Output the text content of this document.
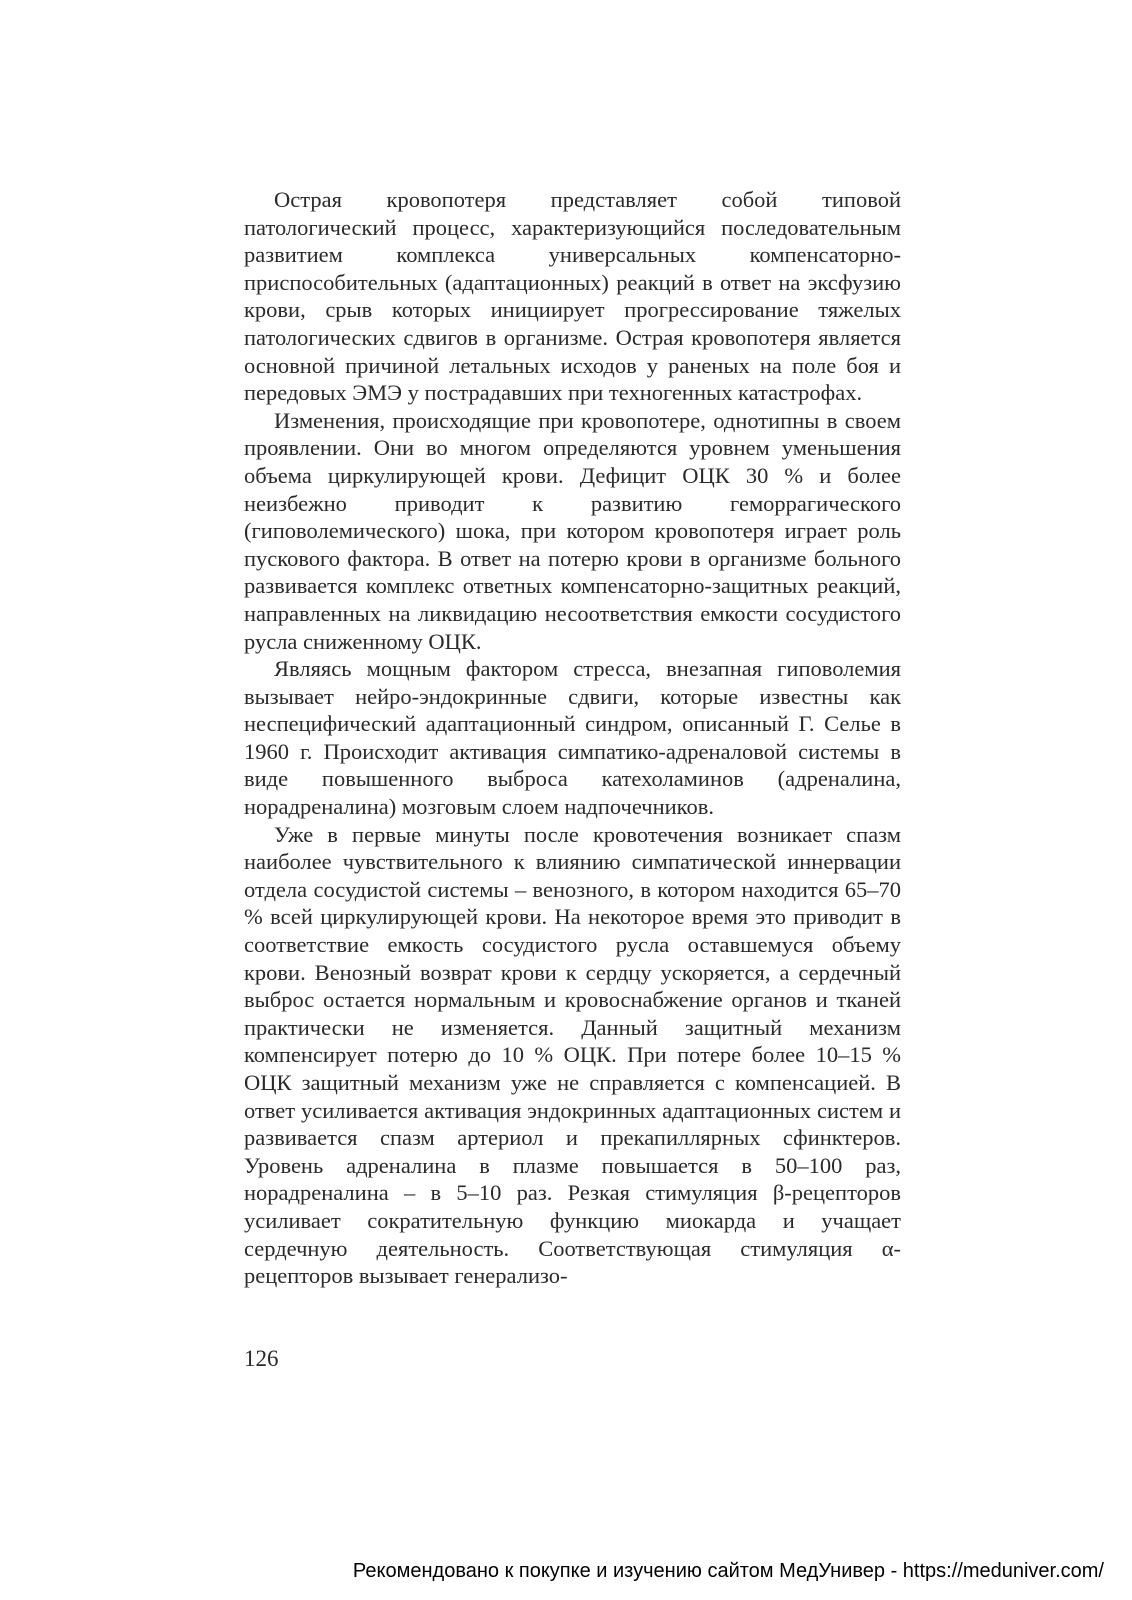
Острая кровопотеря представляет собой типовой патологический процесс, характеризующийся последовательным развитием комплекса универсальных компенсаторно-приспособительных (адаптационных) реакций в ответ на эксфузию крови, срыв которых инициирует прогрессирование тяжелых патологических сдвигов в организме. Острая кровопотеря является основной причиной летальных исходов у раненых на поле боя и передовых ЭМЭ у пострадавших при техногенных катастрофах.

Изменения, происходящие при кровопотере, однотипны в своем проявлении. Они во многом определяются уровнем уменьшения объема циркулирующей крови. Дефицит ОЦК 30 % и более неизбежно приводит к развитию геморрагического (гиповолемического) шока, при котором кровопотеря играет роль пускового фактора. В ответ на потерю крови в организме больного развивается комплекс ответных компенсаторно-защитных реакций, направленных на ликвидацию несоответствия емкости сосудистого русла сниженному ОЦК.

Являясь мощным фактором стресса, внезапная гиповолемия вызывает нейро-эндокринные сдвиги, которые известны как неспецифический адаптационный синдром, описанный Г. Селье в 1960 г. Происходит активация симпатико-адреналовой системы в виде повышенного выброса катехоламинов (адреналина, норадреналина) мозговым слоем надпочечников.

Уже в первые минуты после кровотечения возникает спазм наиболее чувствительного к влиянию симпатической иннервации отдела сосудистой системы – венозного, в котором находится 65–70 % всей циркулирующей крови. На некоторое время это приводит в соответствие емкость сосудистого русла оставшемуся объему крови. Венозный возврат крови к сердцу ускоряется, а сердечный выброс остается нормальным и кровоснабжение органов и тканей практически не изменяется. Данный защитный механизм компенсирует потерю до 10 % ОЦК. При потере более 10–15 % ОЦК защитный механизм уже не справляется с компенсацией. В ответ усиливается активация эндокринных адаптационных систем и развивается спазм артериол и прекапиллярных сфинктеров. Уровень адреналина в плазме повышается в 50–100 раз, норадреналина – в 5–10 раз. Резкая стимуляция β-рецепторов усиливает сократительную функцию миокарда и учащает сердечную деятельность. Соответствующая стимуляция α-рецепторов вызывает генерализо-

126
Рекомендовано к покупке и изучению сайтом МедУнивер - https://meduniver.com/
